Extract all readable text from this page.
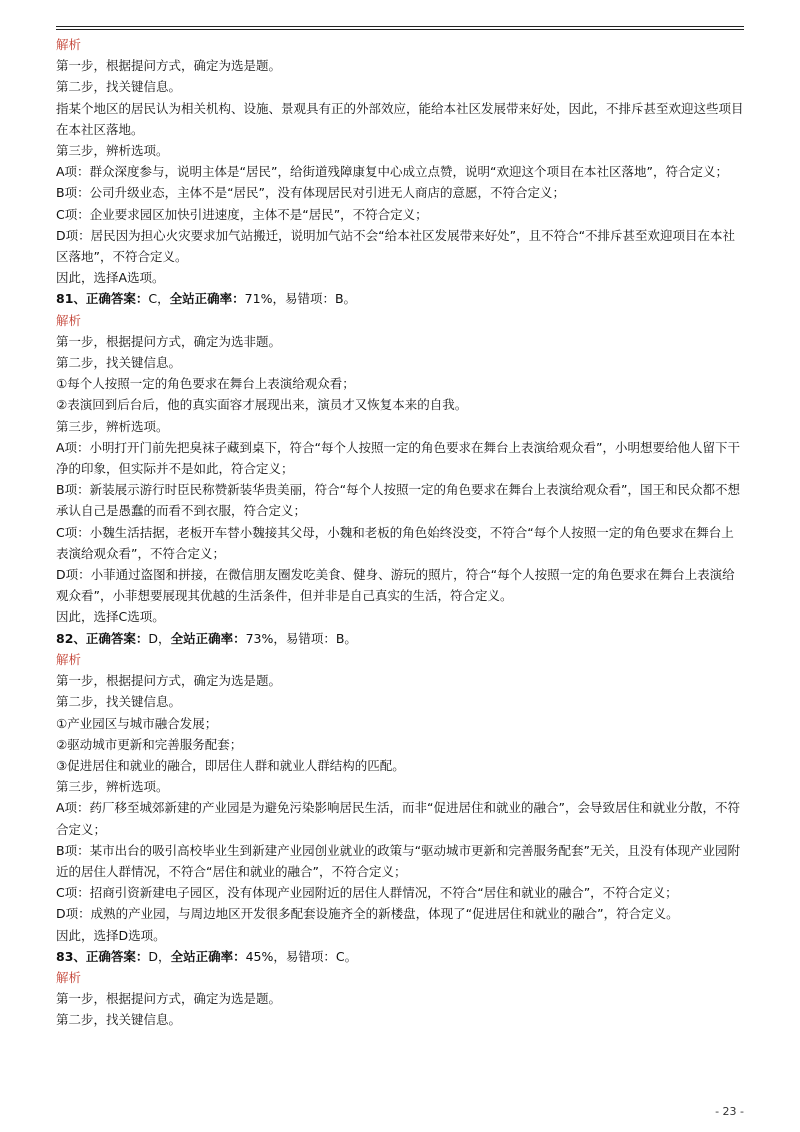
解析

第一步，根据提问方式，确定为选是题。

第二步，找关键信息。

指某个地区的居民认为相关机构、设施、景观具有正的外部效应，能给本社区发展带来好处，因此，不排斥甚至欢迎这些项目在本社区落地。

第三步，辨析选项。

A项：群众深度参与，说明主体是“居民”，给街道残障康复中心成立点赞，说明“欢迎这个项目在本社区落地”，符合定义；

B项：公司升级业态，主体不是“居民”，没有体现居民对引进无人商店的意愿，不符合定义；

C项：企业要求园区加快引进速度，主体不是“居民”，不符合定义；

D项：居民因为担心火灾要求加气站搬迁，说明加气站不会“给本社区发展带来好处”，且不符合“不排斥甚至欢迎项目在本社区落地”，不符合定义。

因此，选择A选项。

81、正确答案：C，全站正确率：71%，易错项：B。

解析

第一步，根据提问方式，确定为选非题。

第二步，找关键信息。

①每个人按照一定的角色要求在舞台上表演给观众看；

②表演回到后台后，他的真实面容才展现出来，演员才又恢复本来的自我。

第三步，辨析选项。

A项：小明打开门前先把臭袜子藏到桌下，符合“每个人按照一定的角色要求在舞台上表演给观众看”，小明想要给他人留下干净的印象，但实际并不是如此，符合定义；

B项：新装展示游行时臣民称赞新装华贵美丽，符合“每个人按照一定的角色要求在舞台上表演给观众看”，国王和民众都不想承认自己是愚蠢的而看不到衣服，符合定义；

C项：小魏生活拮据，老板开车替小魏接其父母，小魏和老板的角色始终没变，不符合“每个人按照一定的角色要求在舞台上表演给观众看”，不符合定义；

D项：小菲通过盗图和拼接，在微信朋友圈发吃美食、健身、游玩的照片，符合“每个人按照一定的角色要求在舞台上表演给观众看”，小菲想要展现其优越的生活条件，但并非是自己真实的生活，符合定义。

因此，选择C选项。

82、正确答案：D，全站正确率：73%，易错项：B。

解析

第一步，根据提问方式，确定为选是题。

第二步，找关键信息。

①产业园区与城市融合发展；

②驱动城市更新和完善服务配套；

③促进居住和就业的融合，即居住人群和就业人群结构的匹配。

第三步，辨析选项。

A项：药厂移至城郊新建的产业园是为避免污染影响居民生活，而非“促进居住和就业的融合”，会导致居住和就业分散，不符合定义；

B项：某市出台的吸引高校毕业生到新建产业园创业就业的政策与“驱动城市更新和完善服务配套”无关，且没有体现产业园附近的居住人群情况，不符合“居住和就业的融合”，不符合定义；

C项：招商引资新建电子园区，没有体现产业园附近的居住人群情况，不符合“居住和就业的融合”，不符合定义；

D项：成熟的产业园，与周边地区开发很多配套设施齐全的新楼盘，体现了“促进居住和就业的融合”，符合定义。

因此，选择D选项。

83、正确答案：D，全站正确率：45%，易错项：C。

解析

第一步，根据提问方式，确定为选是题。

第二步，找关键信息。

- 23 -
